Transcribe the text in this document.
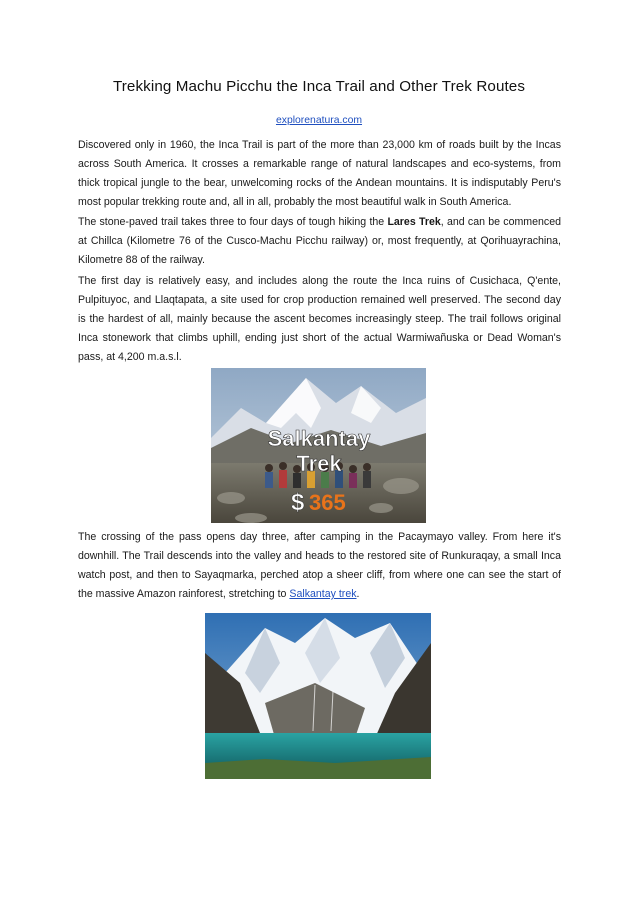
Trekking Machu Picchu the Inca Trail and Other Trek Routes
explorenatura.com

Discovered only in 1960, the Inca Trail is part of the more than 23,000 km of roads built by the Incas across South America. It crosses a remarkable range of natural landscapes and eco-systems, from thick tropical jungle to the bear, unwelcoming rocks of the Andean mountains. It is indisputably Peru's most popular trekking route and, all in all, probably the most beautiful walk in South America.

The stone-paved trail takes three to four days of tough hiking the Lares Trek, and can be commenced at Chillca (Kilometre 76 of the Cusco-Machu Picchu railway) or, most frequently, at Qorihuayrachina, Kilometre 88 of the railway.

The first day is relatively easy, and includes along the route the Inca ruins of Cusichaca, Q'ente, Pulpituyoc, and Llaqtapata, a site used for crop production remained well preserved. The second day is the hardest of all, mainly because the ascent becomes increasingly steep. The trail follows original Inca stonework that climbs uphill, ending just short of the actual Warmiwañuska or Dead Woman's pass, at 4,200 m.a.s.l.

Salkantay
Trek
$ 365

The crossing of the pass opens day three, after camping in the Pacaymayo valley. From here it's downhill. The Trail descends into the valley and heads to the restored site of Runkuraqay, a small Inca watch post, and then to Sayaqmarka, perched atop a sheer cliff, from where one can see the start of the massive Amazon rainforest, stretching to Salkantay trek.
